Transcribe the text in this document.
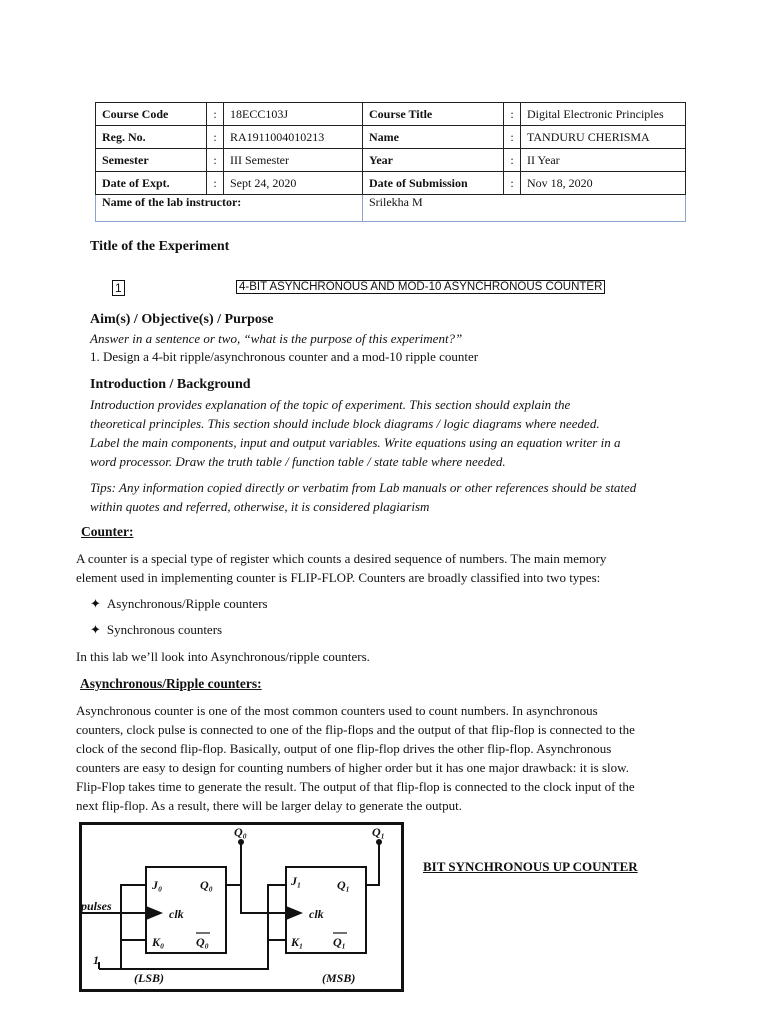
Course Code	:	18ECC103J	Course Title	:	Digital Electronic Principles
Reg. No.	:	RA1911004010213	Name	:	TANDURU CHERISMA
Semester	:	III Semester	Year	:	II Year
Date of Expt.	:	Sept 24, 2020	Date of Submission	:	Nov 18, 2020
Name of the lab instructor:			Srilekha M		
Title of the Experiment
1	4-BIT ASYNCHRONOUS AND MOD-10 ASYNCHRONOUS COUNTER
Aim(s) / Objective(s) / Purpose
Answer in a sentence or two, “what is the purpose of this experiment?”
1. Design a 4-bit ripple/asynchronous counter and a mod-10 ripple counter
Introduction / Background
Introduction provides explanation of the topic of experiment. This section should explain the
theoretical principles. This section should include block diagrams / logic diagrams where needed.
Label the main components, input and output variables. Write equations using an equation writer in a
word processor. Draw the truth table / function table / state table where needed.
Tips: Any information copied directly or verbatim from Lab manuals or other references should be stated
within quotes and referred, otherwise, it is considered plagiarism
Counter:
A counter is a special type of register which counts a desired sequence of numbers. The main memory
element used in implementing counter is FLIP-FLOP. Counters are broadly classified into two types:
✦ Asynchronous/Ripple counters
✦ Synchronous counters
In this lab we’ll look into Asynchronous/ripple counters.
Asynchronous/Ripple counters:
Asynchronous counter is one of the most common counters used to count numbers. In asynchronous
counters, clock pulse is connected to one of the flip-flops and the output of that flip-flop is connected to the
clock of the second flip-flop. Basically, output of one flip-flop drives the other flip-flop. Asynchronous
counters are easy to design for counting numbers of higher order but it has one major drawback: it is slow.
Flip-Flop takes time to generate the result. The output of that flip-flop is connected to the clock input of the
next flip-flop. As a result, there will be larger delay to generate the output.
Q₀	Q₁
J₀
K₀
Q₀
Q₀
clk
J₁
K₁
Q₁
Q₁
clk
pulses
1
(LSB)	(MSB)
BIT SYNCHRONOUS UP COUNTER
